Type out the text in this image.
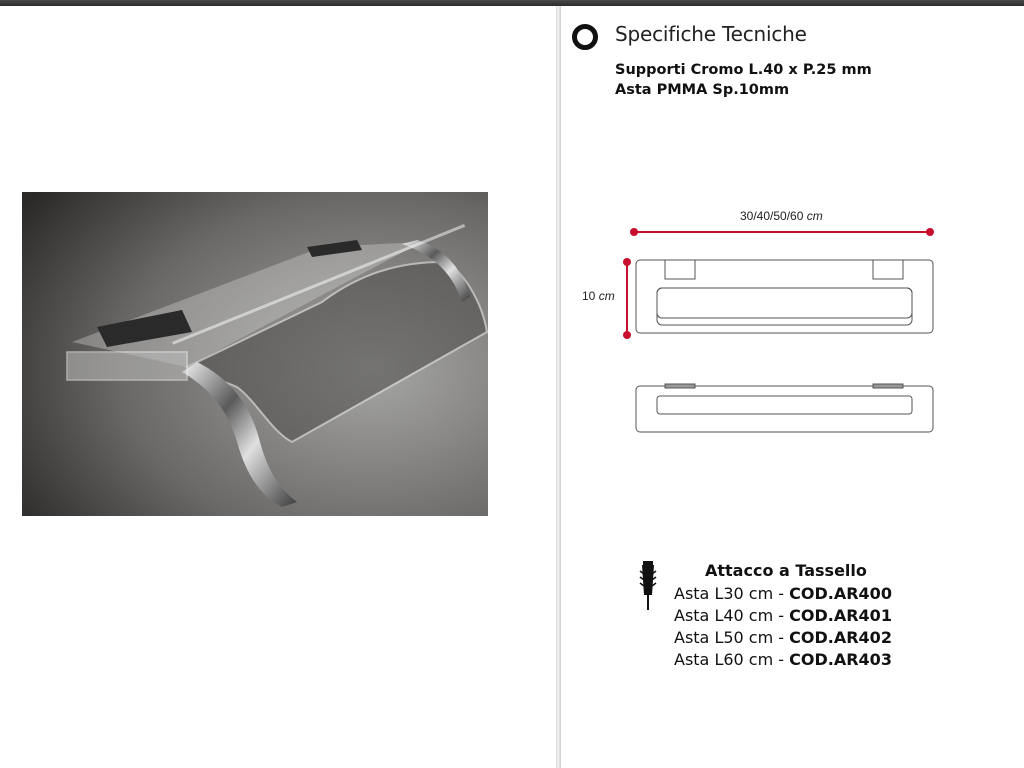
Specifiche Tecniche
Supporti Cromo L.40 x P.25 mm
Asta PMMA Sp.10mm
30/40/50/60 cm
10 cm
Attacco a Tassello
Asta L30 cm - COD.AR400
Asta L40 cm - COD.AR401
Asta L50 cm - COD.AR402
Asta L60 cm - COD.AR403
